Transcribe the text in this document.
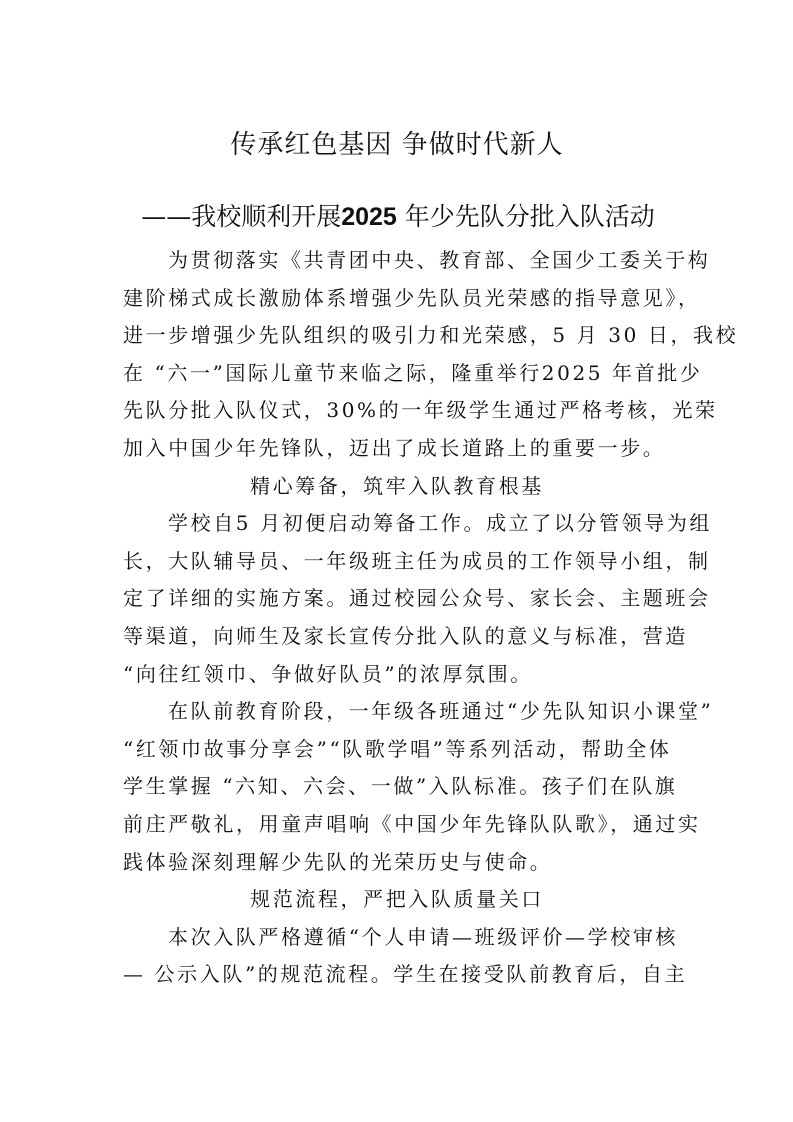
传承红色基因 争做时代新人
——我校顺利开展2025 年少先队分批入队活动
为贯彻落实《共青团中央、教育部、全国少工委关于构
建阶梯式成长激励体系增强少先队员光荣感的指导意见》，
进一步增强少先队组织的吸引力和光荣感，5 月 30 日，我校
在 “六一”国际儿童节来临之际，隆重举行2025 年首批少
先队分批入队仪式，30%的一年级学生通过严格考核，光荣
加入中国少年先锋队，迈出了成长道路上的重要一步。
精心筹备，筑牢入队教育根基
学校自5 月初便启动筹备工作。成立了以分管领导为组
长，大队辅导员、一年级班主任为成员的工作领导小组，制
定了详细的实施方案。通过校园公众号、家长会、主题班会
等渠道，向师生及家长宣传分批入队的意义与标准，营造
“向往红领巾、争做好队员”的浓厚氛围。
在队前教育阶段，一年级各班通过“少先队知识小课堂”
“红领巾故事分享会”“队歌学唱”等系列活动，帮助全体
学生掌握 “六知、六会、一做”入队标准。孩子们在队旗
前庄严敬礼，用童声唱响《中国少年先锋队队歌》，通过实
践体验深刻理解少先队的光荣历史与使命。
规范流程，严把入队质量关口
本次入队严格遵循“个人申请—班级评价—学校审核
— 公示入队”的规范流程。学生在接受队前教育后，自主
